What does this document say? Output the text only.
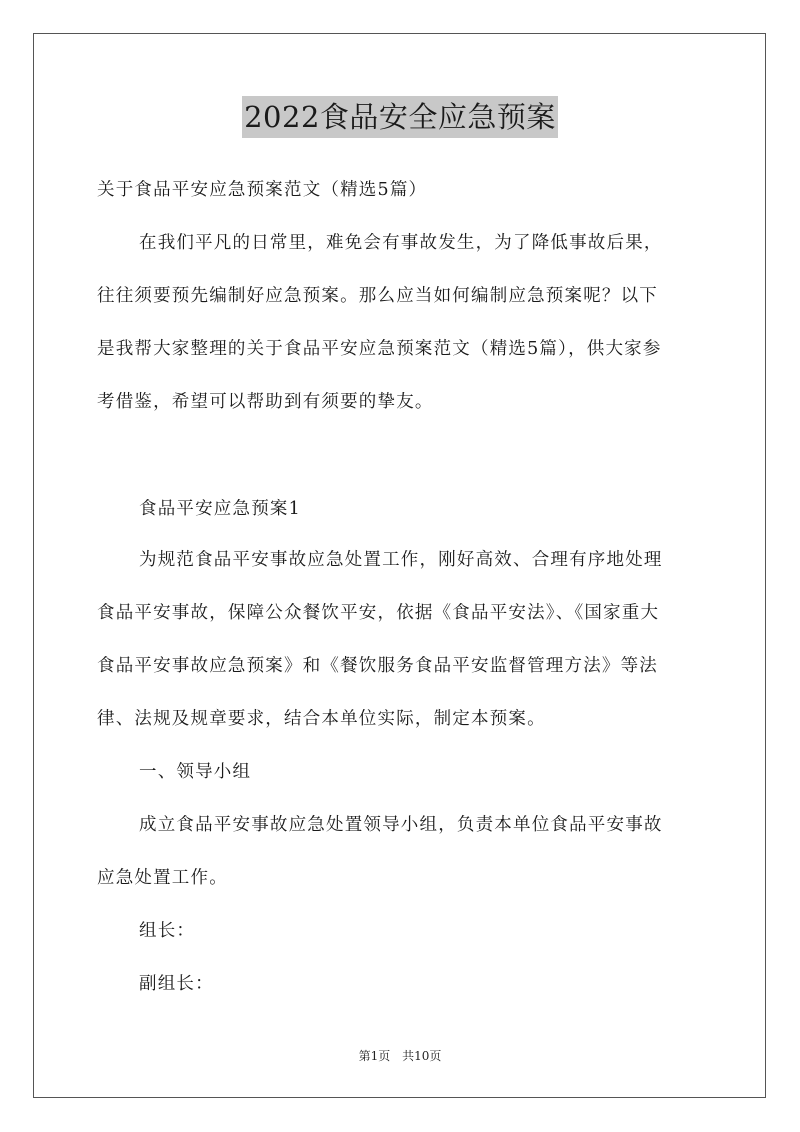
2022食品安全应急预案
关于食品平安应急预案范文（精选5篇）
在我们平凡的日常里，难免会有事故发生，为了降低事故后果，
往往须要预先编制好应急预案。那么应当如何编制应急预案呢？以下
是我帮大家整理的关于食品平安应急预案范文（精选5篇），供大家参
考借鉴，希望可以帮助到有须要的挚友。
食品平安应急预案1
为规范食品平安事故应急处置工作，刚好高效、合理有序地处理
食品平安事故，保障公众餐饮平安，依据《食品平安法》、《国家重大
食品平安事故应急预案》和《餐饮服务食品平安监督管理方法》等法
律、法规及规章要求，结合本单位实际，制定本预案。
一、领导小组
成立食品平安事故应急处置领导小组，负责本单位食品平安事故
应急处置工作。
组长：
副组长：
第1页 共10页
